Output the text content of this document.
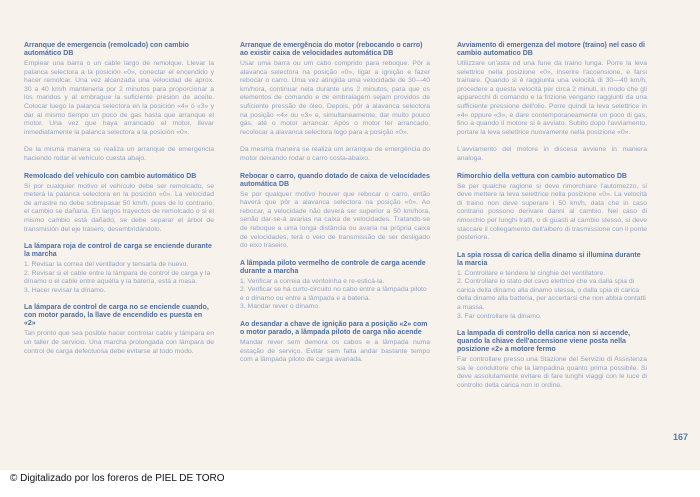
Arranque de emergencia (remolcado) con cambio automático DB
Emplear una barra o un cable largo de remolque. Llevar la palanca selectora a la posición «0», conectar el encendido y hacer remolcar. Una vez alcanzada una velocidad de aprox. 30 a 40 km/h mantenerla por 2 minutos para proporcionar a los mandos y al embrague la suficiente presión de aceite. Colocar luego la palanca selectora en la posición «4» ó «3» y dar al mismo tiempo un poco de gas hasta que arranque el motor. Una vez que haya arrancado el motor, llevar inmediatamente la palanca selectora a la posición «0».
De la misma manera se realiza un arranque de emergencia haciendo rodar el vehículo cuesta abajo.
Remolcado del vehículo con cambio automático DB
Si por cualquier motivo el vehículo debe ser remolcado, se meterá la palanca selectora en la posición «0». La velocidad de arrastre no debe sobrepasar 50 km/h, pues de lo contrario, el cambio se dañaría. En largos trayectos de remolcado o si el mismo cambio está dañado, se debe separar el árbol de transmisión del eje trasero, desembridándolo.
La lámpara roja de control de carga se enciende durante la marcha
1. Revisar la correa del ventilador y tensarla de nuevo.
2. Revisar si el cable entre la lámpara de control de carga y la dínamo o el cable entre aquélla y la batería, está a masa.
3. Hacer revisar la dínamo.
La lámpara de control de carga no se enciende cuando, con motor parado, la llave de encendido es puesta en «2»
Tan pronto que sea posible hacer controlar cable y lámpara en un taller de servicio. Una marcha prolongada con lámpara de control de carga defectuosa debe evitarse al todo modo.
Arranque de emergência do motor (rebocando o carro) ao existir caixa de velocidades automática DB
Usar uma barra ou um cabo comprido para reboque. Pôr a alavanca selectora na posição «0», ligar a ignição e fazer rebocar o carro. Uma vez atingida uma velocidade de 30—40 km/hora, continuar nela durante uns 2 minutos, para que os elementos de comando e de embraiagem sejam providos de suficiente pressão de óleo. Depois, pôr a alavanca selectora na posição «4» ou «3» e, simultaneamente, dar muito pouco gás, até o motor arrancar. Após o motor ter arrancado, recolocar a alavanca selectora logo para a posição «0».
Da mesma maneira se realiza um arranque de emergência do motor deixando rodar o carro costa-abaixo.
Rebocar o carro, quando dotado de caixa de velocidades automática DB
Se por qualquer motivo houver que rebocar o carro, então haverá que pôr a alavanca selectora na posição «0». Ao rebocar, a velocidade não deverá ser superior a 50 km/hora, senão dar-se-á avarias na caixa de velocidades. Tratando-se de reboque a uma longa distância ou avaria na própria caixa de velocidades, terá o veio de transmissão de ser desligado do eixo traseiro.
A lâmpada piloto vermelho de controle de carga acende durante a marcha
1. Verificar a correia da ventoinha e re-esticá-la.
2. Verificar se há curto-circuito no cabo entre a lâmpada piloto e o dínamo ou entre a lâmpada e a bateria.
3. Mandar rever o dínamo.
Ao desandar a chave de ignição para a posição «2» com o motor parado, a lâmpada piloto de carga não acende
Mandar rever sem demora os cabos e a lâmpada numa estação de serviço. Evitar sem falta andar bastante tempo com a lâmpada piloto de carga avariada.
Avviamento di emergenza del motore (traino) nel caso di cambio automatico DB
Utilizzare un'asta od una fune da traino lunga. Porre la leva selettrice nella posizione «0», inserire l'accensione, e farsi trainare. Quando si è raggiunta una velocità di 30—40 km/h, procedere a questa velocità per circa 2 minuti, in modo che gli apparecchi di comando e la frizione vengano raggiunti da una sufficiente pressione dell'olio. Porre quindi la leva selettrice in «4» oppure «3», e dare contemporaneamente un poco di gas, fino a quando il motore si è avviato. Subito dopo l'avviamento, portare la leva selettrice nuovamente nella posizione «0».
L'avviamento del motore in discesa avviene in maniera analoga.
Rimorchio della vettura con cambio automatico DB
Se per qualche ragione si deve rimorchiare l'automezzo, si deve mettere la leva selettrice nella posizione «0». La velocità di traino non deve superare i 50 km/h, data che in caso contrario possono derivare danni al cambio. Nel caso di rimorchio per lunghi tratti, o di guasti al cambio stesso, si deve staccare il collegamento dell'albero di trasmissione con il ponte posteriore.
La spia rossa di carica della dinamo si illumina durante la marcia
1. Controllare e tendere le cinghie del ventilatore.
2. Controllare lo stato del cavo elettrico che va dalla spia di carica della dinamo alla dinamo stessa, o dalla spia di carica della dinamo alla batteria, per accertarsi che non abbia contatti a massa.
3. Far controllare la dinamo.
La lampada di controllo della carica non si accende, quando la chiave dell'accensione viene posta nella posizione «2» a motore fermo
Far controllare presso una Stazione del Servizio di Assistenza sia le conduttore che la lampadina quanto prima possibile. Si deve assolutamente evitare di fare lunghi viaggi con le luce di controllo della carica non in ordine.
167
© Digitalizado por los foreros de PIEL DE TORO
